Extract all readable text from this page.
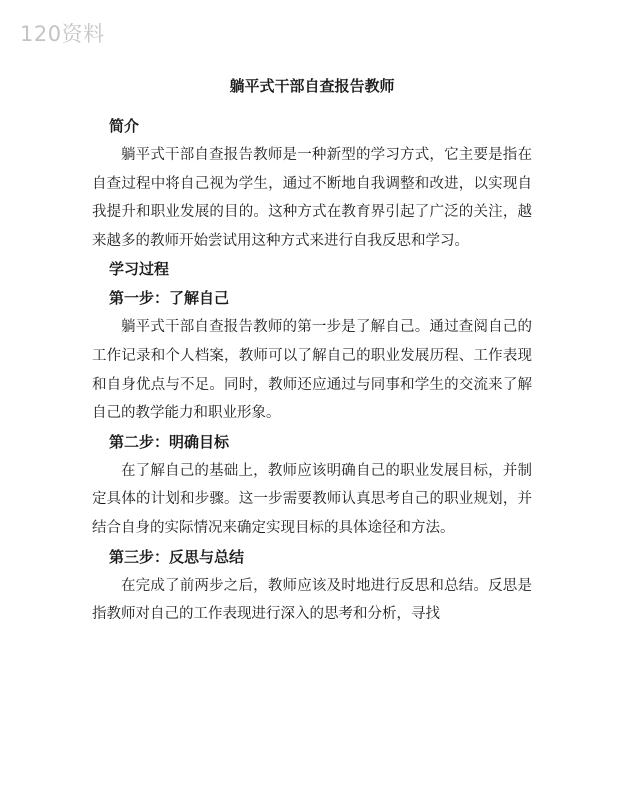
120资料
躺平式干部自查报告教师
简介

躺平式干部自查报告教师是一种新型的学习方式，它主要是指在自查过程中将自己视为学生，通过不断地自我调整和改进，以实现自我提升和职业发展的目的。这种方式在教育界引起了广泛的关注，越来越多的教师开始尝试用这种方式来进行自我反思和学习。

学习过程
第一步：了解自己

躺平式干部自查报告教师的第一步是了解自己。通过查阅自己的工作记录和个人档案，教师可以了解自己的职业发展历程、工作表现和自身优点与不足。同时，教师还应通过与同事和学生的交流来了解自己的教学能力和职业形象。

第二步：明确目标

在了解自己的基础上，教师应该明确自己的职业发展目标，并制定具体的计划和步骤。这一步需要教师认真思考自己的职业规划，并结合自身的实际情况来确定实现目标的具体途径和方法。

第三步：反思与总结

在完成了前两步之后，教师应该及时地进行反思和总结。反思是指教师对自己的工作表现进行深入的思考和分析，寻找
